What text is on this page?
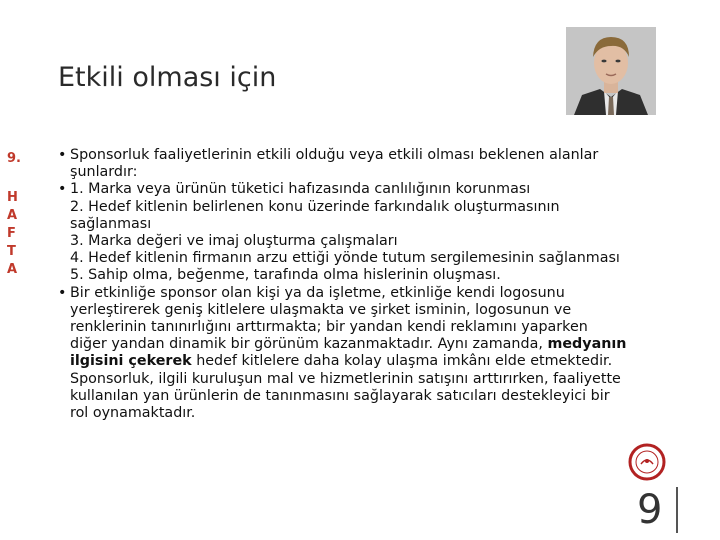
Etkili olması için
9.
H
A
F
T
A
• Sponsorluk faaliyetlerinin etkili olduğu veya etkili olması beklenen alanlar
şunlardır:
• 1. Marka veya ürünün tüketici hafızasında canlılığının korunması
2. Hedef kitlenin belirlenen konu üzerinde farkındalık oluşturmasının
sağlanması
3. Marka değeri ve imaj oluşturma çalışmaları
4. Hedef kitlenin firmanın arzu ettiği yönde tutum sergilemesinin sağlanması
5. Sahip olma, beğenme, tarafında olma hislerinin oluşması.
• Bir etkinliğe sponsor olan kişi ya da işletme, etkinliğe kendi logosunu
yerleştirerek geniş kitlelere ulaşmakta ve şirket isminin, logosunun ve
renklerinin tanınırlığını arttırmakta; bir yandan kendi reklamını yaparken
diğer yandan dinamik bir görünüm kazanmaktadır. Aynı zamanda, medyanın
ilgisini çekerek hedef kitlelere daha kolay ulaşma imkânı elde etmektedir.
Sponsorluk, ilgili kuruluşun mal ve hizmetlerinin satışını arttırırken, faaliyette
kullanılan yan ürünlerin de tanınmasını sağlayarak satıcıları destekleyici bir
rol oynamaktadır.
9
